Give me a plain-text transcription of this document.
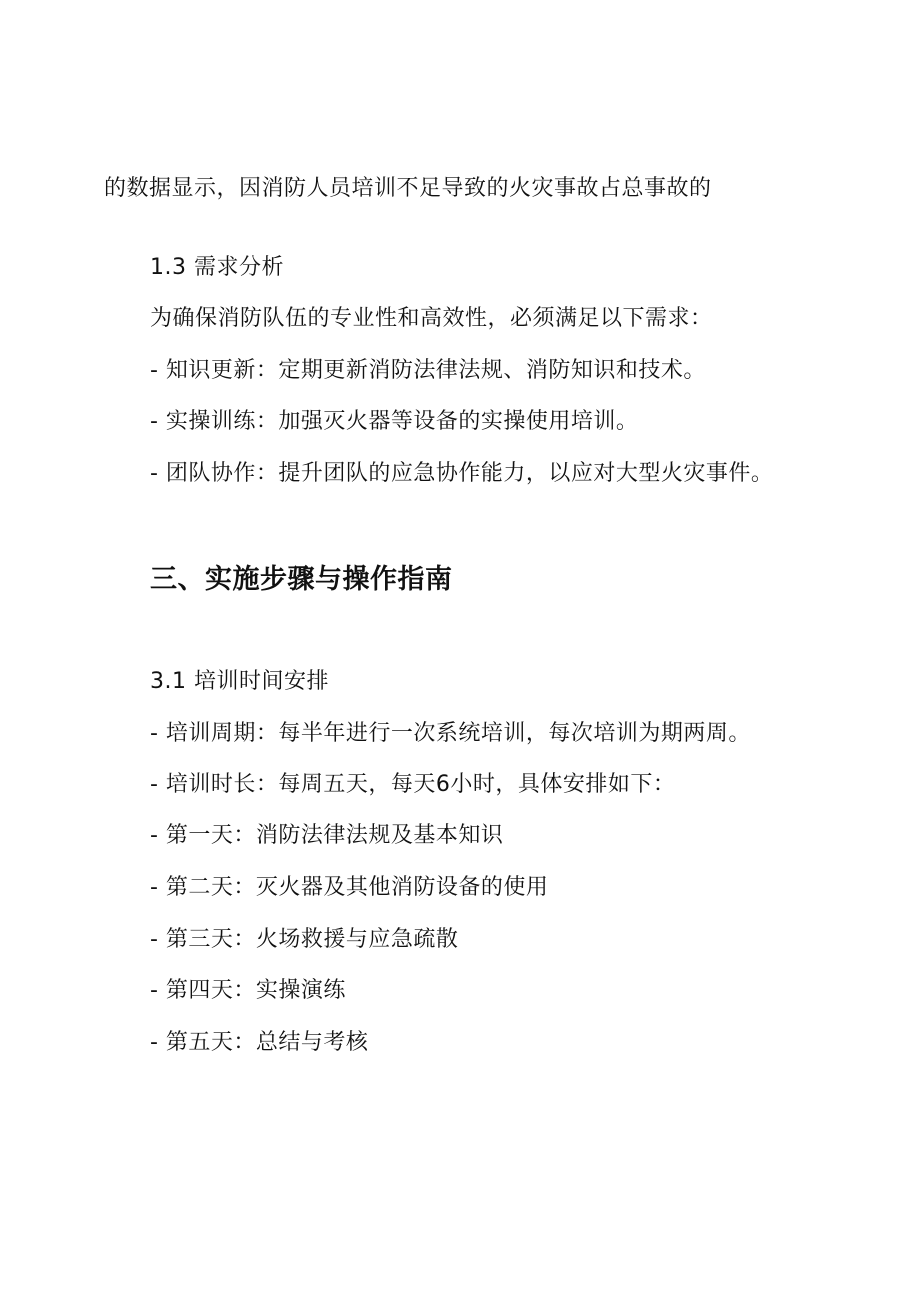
的数据显示，因消防人员培训不足导致的火灾事故占总事故的
1.3 需求分析
为确保消防队伍的专业性和高效性，必须满足以下需求：
- 知识更新：定期更新消防法律法规、消防知识和技术。
- 实操训练：加强灭火器等设备的实操使用培训。
- 团队协作：提升团队的应急协作能力，以应对大型火灾事件。
三、实施步骤与操作指南
3.1 培训时间安排
- 培训周期：每半年进行一次系统培训，每次培训为期两周。
- 培训时长：每周五天，每天6小时，具体安排如下：
- 第一天：消防法律法规及基本知识
- 第二天：灭火器及其他消防设备的使用
- 第三天：火场救援与应急疏散
- 第四天：实操演练
- 第五天：总结与考核
